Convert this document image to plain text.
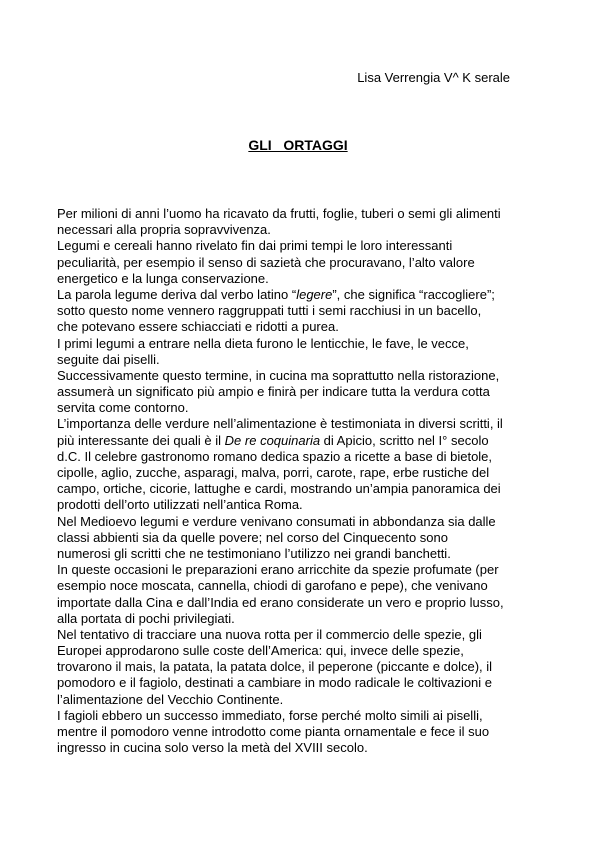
Lisa Verrengia V^ K serale
GLI   ORTAGGI
Per milioni di anni l’uomo ha ricavato da frutti, foglie, tuberi o semi gli alimenti
necessari alla propria sopravvivenza.
Legumi e cereali hanno rivelato fin dai primi tempi le loro interessanti
peculiarità, per esempio il senso di sazietà che procuravano, l’alto valore
energetico e la lunga conservazione.
La parola legume deriva dal verbo latino “legere”, che significa “raccogliere”;
sotto questo nome vennero raggruppati tutti i semi racchiusi in un bacello,
che potevano essere schiacciati e ridotti a purea.
I primi legumi a entrare nella dieta furono le lenticchie, le fave, le vecce,
seguite dai piselli.
Successivamente questo termine, in cucina ma soprattutto nella ristorazione,
assumerà un significato più ampio e finirà per indicare tutta la verdura cotta
servita come contorno.
L’importanza delle verdure nell’alimentazione è testimoniata in diversi scritti, il
più interessante dei quali è il De re coquinaria di Apicio, scritto nel I° secolo
d.C. Il celebre gastronomo romano dedica spazio a ricette a base di bietole,
cipolle, aglio, zucche, asparagi, malva, porri, carote, rape, erbe rustiche del
campo, ortiche, cicorie, lattughe e cardi, mostrando un’ampia panoramica dei
prodotti dell’orto utilizzati nell’antica Roma.
Nel Medioevo legumi e verdure venivano consumati in abbondanza sia dalle
classi abbienti sia da quelle povere; nel corso del Cinquecento sono
numerosi gli scritti che ne testimoniano l’utilizzo nei grandi banchetti.
In queste occasioni le preparazioni erano arricchite da spezie profumate (per
esempio noce moscata, cannella, chiodi di garofano e pepe), che venivano
importate dalla Cina e dall’India ed erano considerate un vero e proprio lusso,
alla portata di pochi privilegiati.
Nel tentativo di tracciare una nuova rotta per il commercio delle spezie, gli
Europei approdarono sulle coste dell’America: qui, invece delle spezie,
trovarono il mais, la patata, la patata dolce, il peperone (piccante e dolce), il
pomodoro e il fagiolo, destinati a cambiare in modo radicale le coltivazioni e
l’alimentazione del Vecchio Continente.
I fagioli ebbero un successo immediato, forse perché molto simili ai piselli,
mentre il pomodoro venne introdotto come pianta ornamentale e fece il suo
ingresso in cucina solo verso la metà del XVIII secolo.
